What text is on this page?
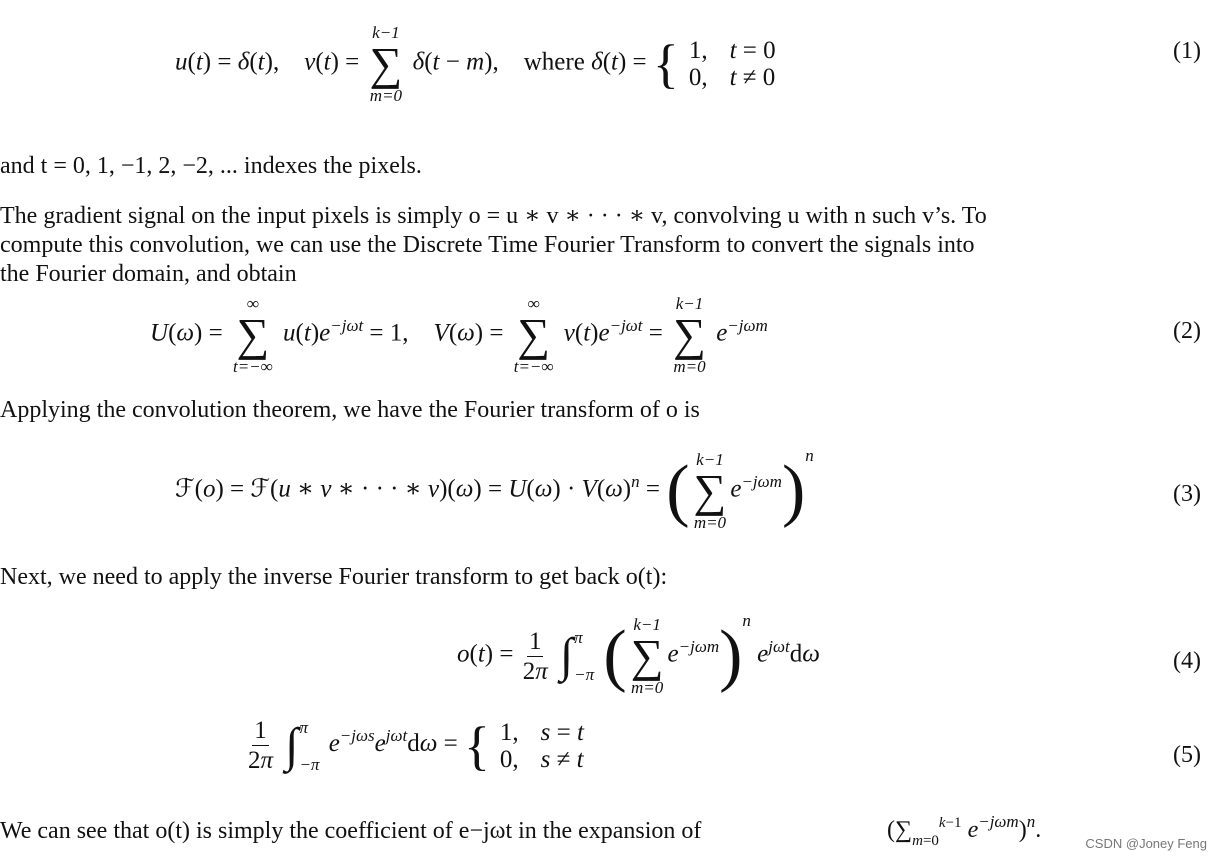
u(t) = δ(t),    v(t) =
k−1
∑
m=0
δ(t − m),    where δ(t) = { 1, t = 0
0, t ≠ 0
(1)
and t = 0, 1, −1, 2, −2, ... indexes the pixels.
The gradient signal on the input pixels is simply o = u ∗ v ∗ · · · ∗ v, convolving u with n such v’s. To
compute this convolution, we can use the Discrete Time Fourier Transform to convert the signals into
the Fourier domain, and obtain
U(ω) =
∞
∑
t=−∞
$u(t)e^{-j\omega t} = 1$,    V(ω) =
∞
∑
t=−∞
$v(t)e^{-j\omega t}$ =
k−1
∑
m=0
$e^{-j\omega m}$	(2)
Applying the convolution theorem, we have the Fourier transform of o is
ℱ(o) = ℱ(u ∗ v ∗ · · · ∗ $v)(\omega) = U(\omega) \cdot V(\omega)^n$ = ( k−1
∑
m=0
$e^{-j\omega m})^n$
(3)
Next, we need to apply the inverse Fourier transform to get back o(t):
$o(t) = \frac{1}{2\pi}$
∫ π
−π ( k−1
∑
m=0
$e^{-j\omega m})^n$ $e^{j\omega t}d\omega$	(4)
$\frac{1}{2\pi}$
∫ π
−π
$e^{-j\omega s}e^{j\omega t}d\omega$ = { 1, s = t
0, s ≠ t	(5)
We can see that o(t) is simply the coefficient of e−jωt in the expansion of	($\sum_{m=0}^{k-1}$ $e^{-j\omega m})^n$.
CSDN @Joney Feng
